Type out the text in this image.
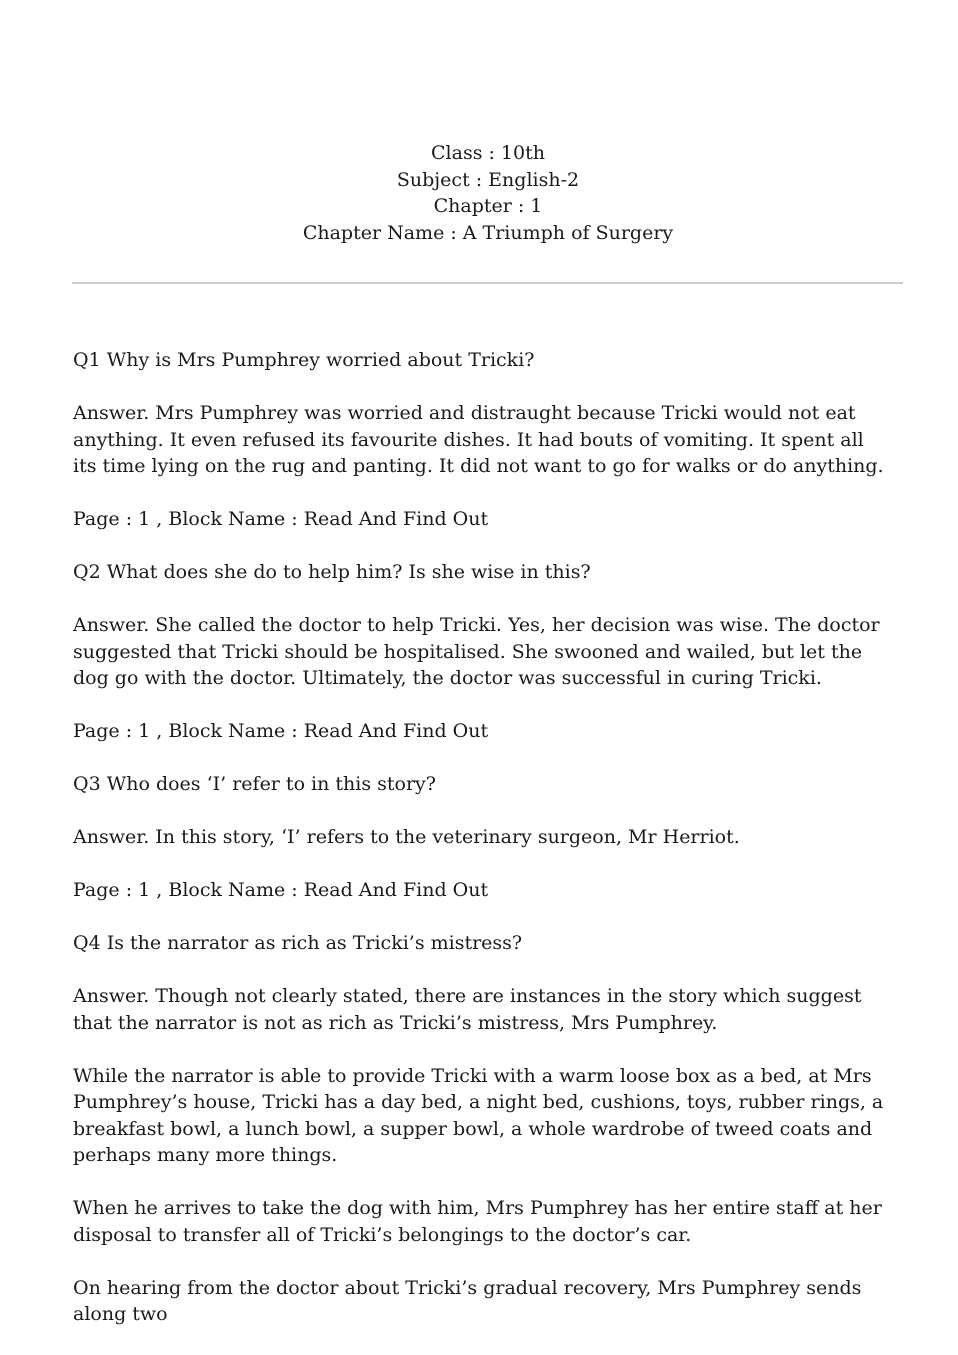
Class : 10th
Subject : English-2
Chapter : 1
Chapter Name : A Triumph of Surgery

Q1 Why is Mrs Pumphrey worried about Tricki?

Answer. Mrs Pumphrey was worried and distraught because Tricki would not eat anything. It even refused its favourite dishes. It had bouts of vomiting. It spent all its time lying on the rug and panting. It did not want to go for walks or do anything.

Page : 1 , Block Name : Read And Find Out

Q2 What does she do to help him? Is she wise in this?

Answer. She called the doctor to help Tricki. Yes, her decision was wise. The doctor suggested that Tricki should be hospitalised. She swooned and wailed, but let the dog go with the doctor. Ultimately, the doctor was successful in curing Tricki.

Page : 1 , Block Name : Read And Find Out

Q3 Who does ‘I’ refer to in this story?

Answer. In this story, ‘I’ refers to the veterinary surgeon, Mr Herriot.

Page : 1 , Block Name : Read And Find Out

Q4 Is the narrator as rich as Tricki’s mistress?

Answer. Though not clearly stated, there are instances in the story which suggest that the narrator is not as rich as Tricki’s mistress, Mrs Pumphrey.

While the narrator is able to provide Tricki with a warm loose box as a bed, at Mrs Pumphrey’s house, Tricki has a day bed, a night bed, cushions, toys, rubber rings, a breakfast bowl, a lunch bowl, a supper bowl, a whole wardrobe of tweed coats and perhaps many more things.

When he arrives to take the dog with him, Mrs Pumphrey has her entire staff at her disposal to transfer all of Tricki’s belongings to the doctor’s car.

On hearing from the doctor about Tricki’s gradual recovery, Mrs Pumphrey sends along two
